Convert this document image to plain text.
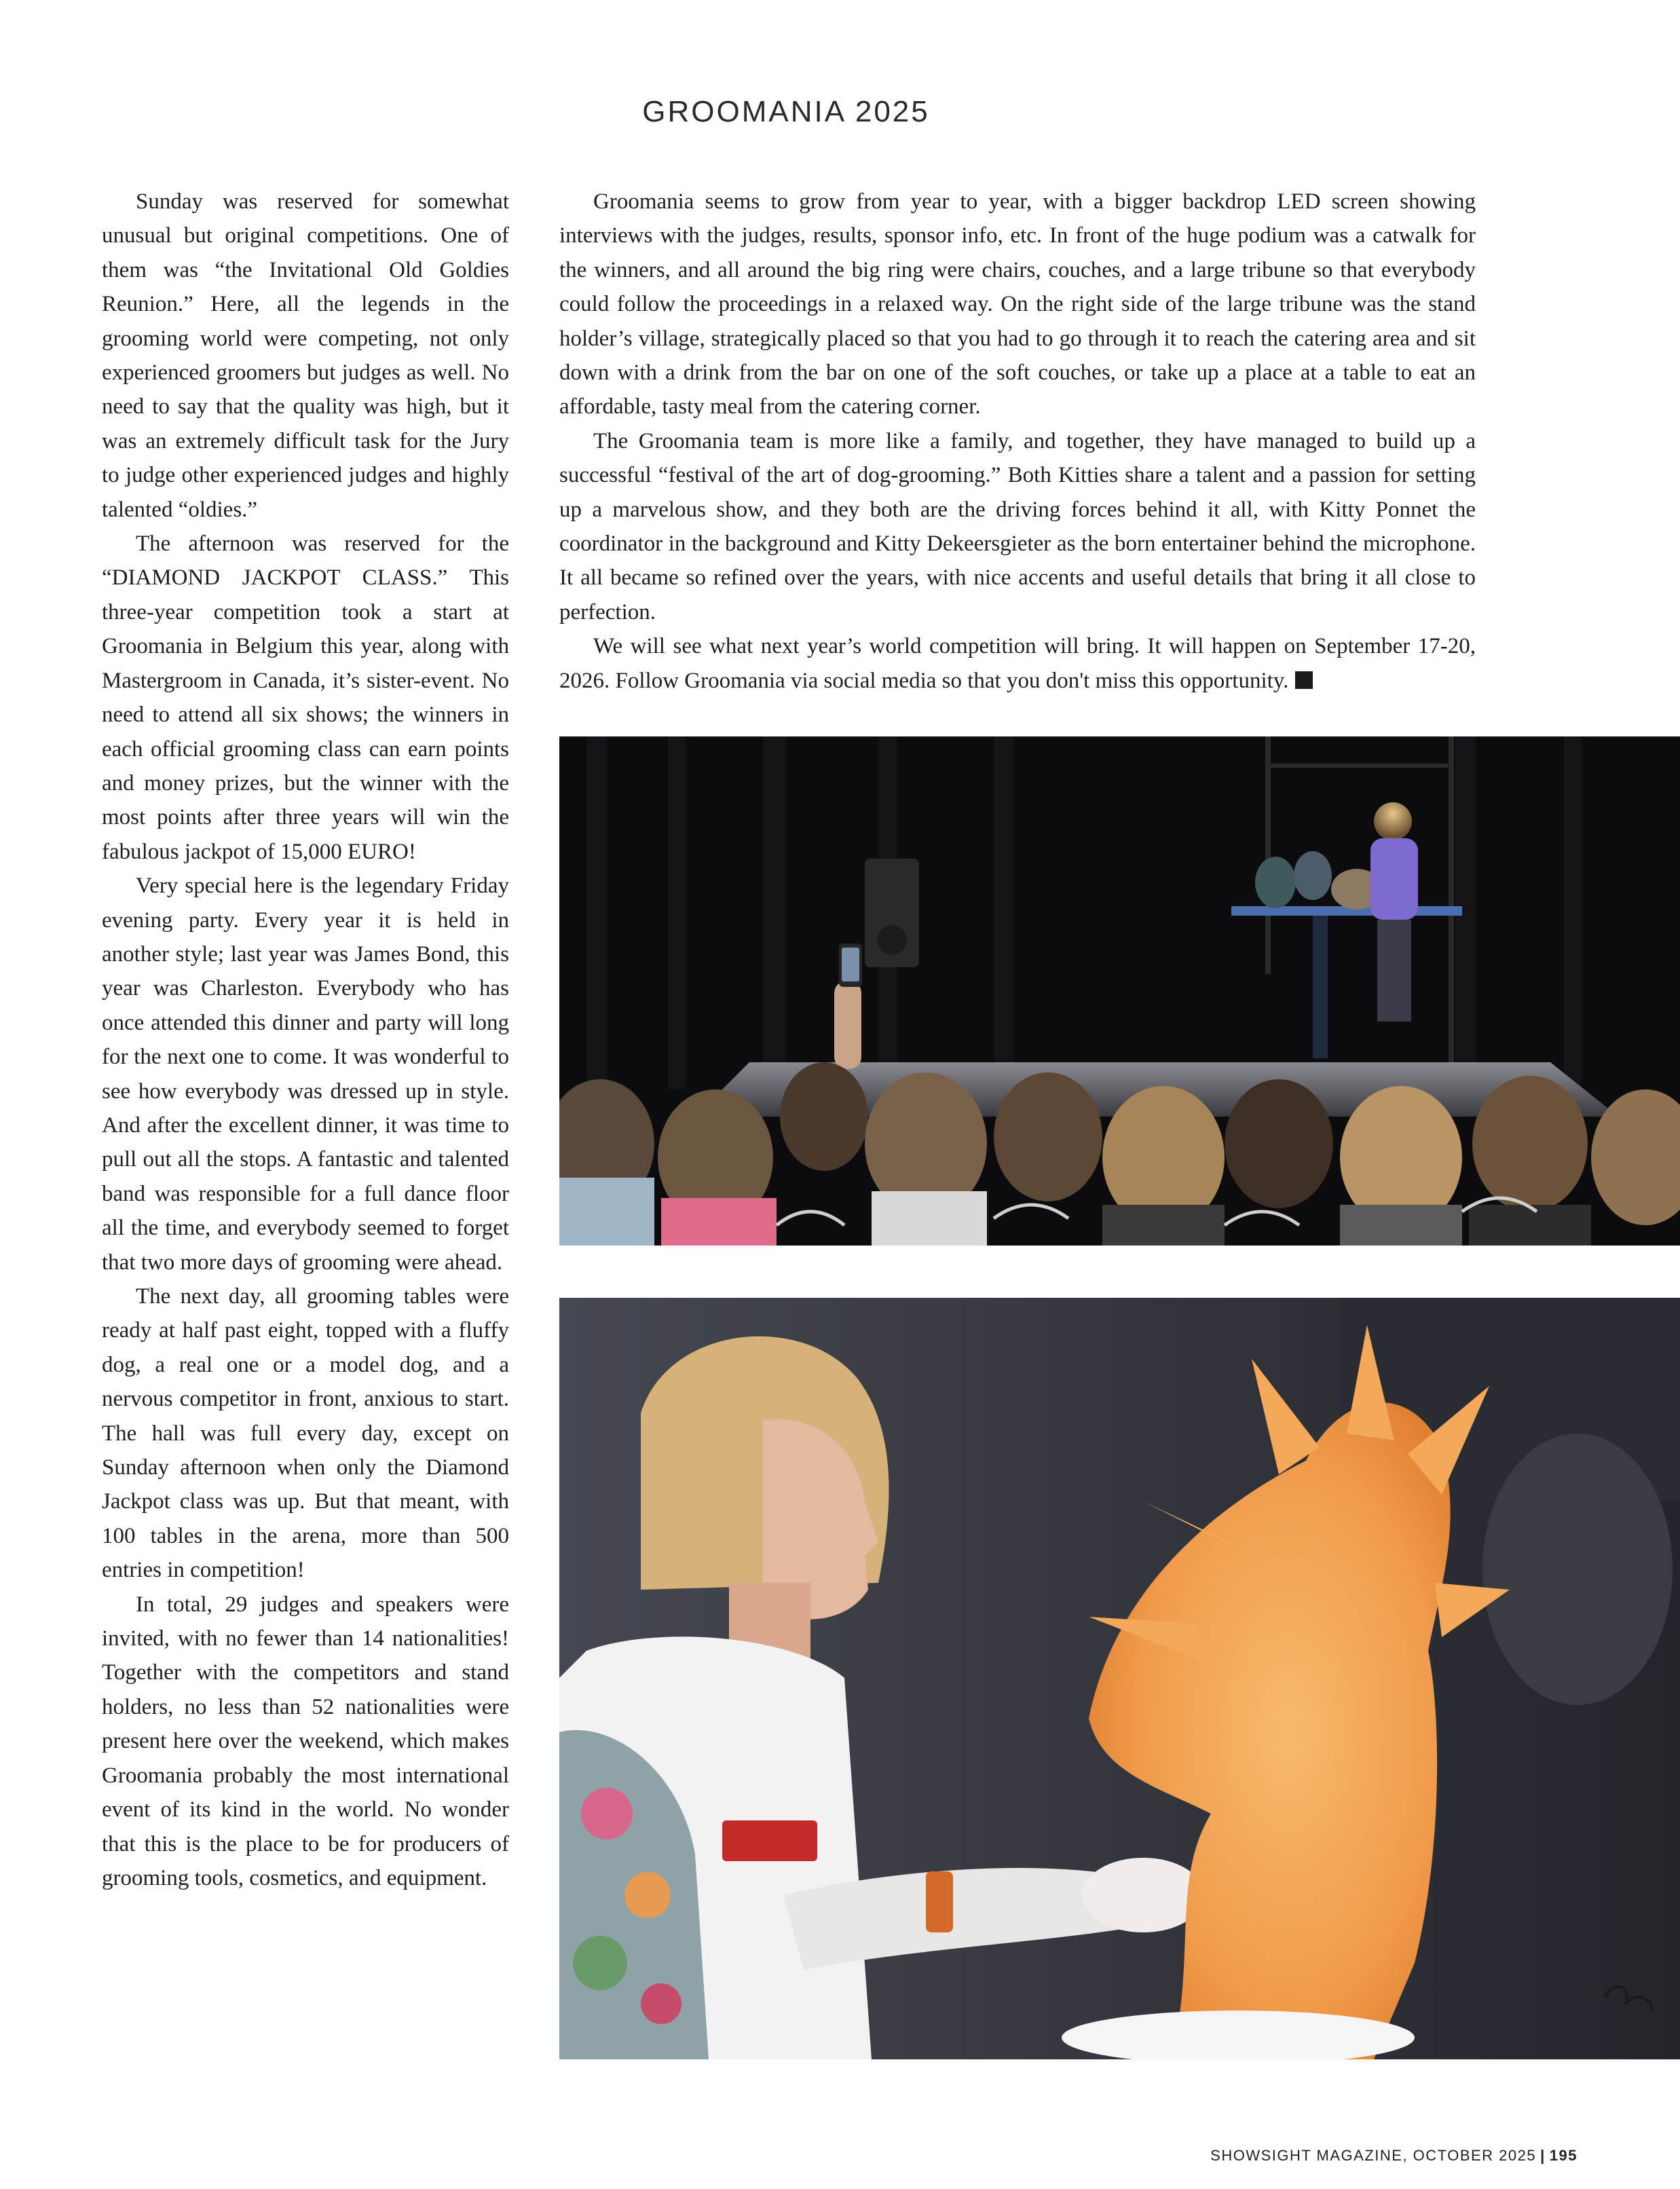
GROOMANIA 2025

Sunday was reserved for somewhat unusual but original competitions. One of them was “the Invitational Old Goldies Reunion.” Here, all the legends in the grooming world were competing, not only experienced groomers but judges as well. No need to say that the quality was high, but it was an extremely difficult task for the Jury to judge other experienced judges and highly talented “oldies.”

The afternoon was reserved for the “DIAMOND JACKPOT CLASS.” This three-year competition took a start at Groomania in Belgium this year, along with Mastergroom in Canada, it’s sister-event. No need to attend all six shows; the winners in each official grooming class can earn points and money prizes, but the winner with the most points after three years will win the fabulous jackpot of 15,000 EURO!

Very special here is the legendary Friday evening party. Every year it is held in another style; last year was James Bond, this year was Charleston. Everybody who has once attended this dinner and party will long for the next one to come. It was wonderful to see how everybody was dressed up in style. And after the excellent dinner, it was time to pull out all the stops. A fantastic and talented band was responsible for a full dance floor all the time, and everybody seemed to forget that two more days of grooming were ahead.

The next day, all grooming tables were ready at half past eight, topped with a fluffy dog, a real one or a model dog, and a nervous competitor in front, anxious to start. The hall was full every day, except on Sunday afternoon when only the Diamond Jackpot class was up. But that meant, with 100 tables in the arena, more than 500 entries in competition!

In total, 29 judges and speakers were invited, with no fewer than 14 nationalities! Together with the competitors and stand holders, no less than 52 nationalities were present here over the weekend, which makes Groomania probably the most international event of its kind in the world. No wonder that this is the place to be for producers of grooming tools, cosmetics, and equipment.

Groomania seems to grow from year to year, with a bigger backdrop LED screen showing interviews with the judges, results, sponsor info, etc. In front of the huge podium was a catwalk for the winners, and all around the big ring were chairs, couches, and a large tribune so that everybody could follow the proceedings in a relaxed way. On the right side of the large tribune was the stand holder’s village, strategically placed so that you had to go through it to reach the catering area and sit down with a drink from the bar on one of the soft couches, or take up a place at a table to eat an affordable, tasty meal from the catering corner.

The Groomania team is more like a family, and together, they have managed to build up a successful “festival of the art of dog-grooming.” Both Kitties share a talent and a passion for setting up a marvelous show, and they both are the driving forces behind it all, with Kitty Ponnet the coordinator in the background and Kitty Dekeersgieter as the born entertainer behind the microphone. It all became so refined over the years, with nice accents and useful details that bring it all close to perfection.

We will see what next year’s world competition will bring. It will happen on September 17-20, 2026. Follow Groomania via social media so that you don't miss this opportunity.

SHOWSIGHT MAGAZINE, OCTOBER 2025 | 195
